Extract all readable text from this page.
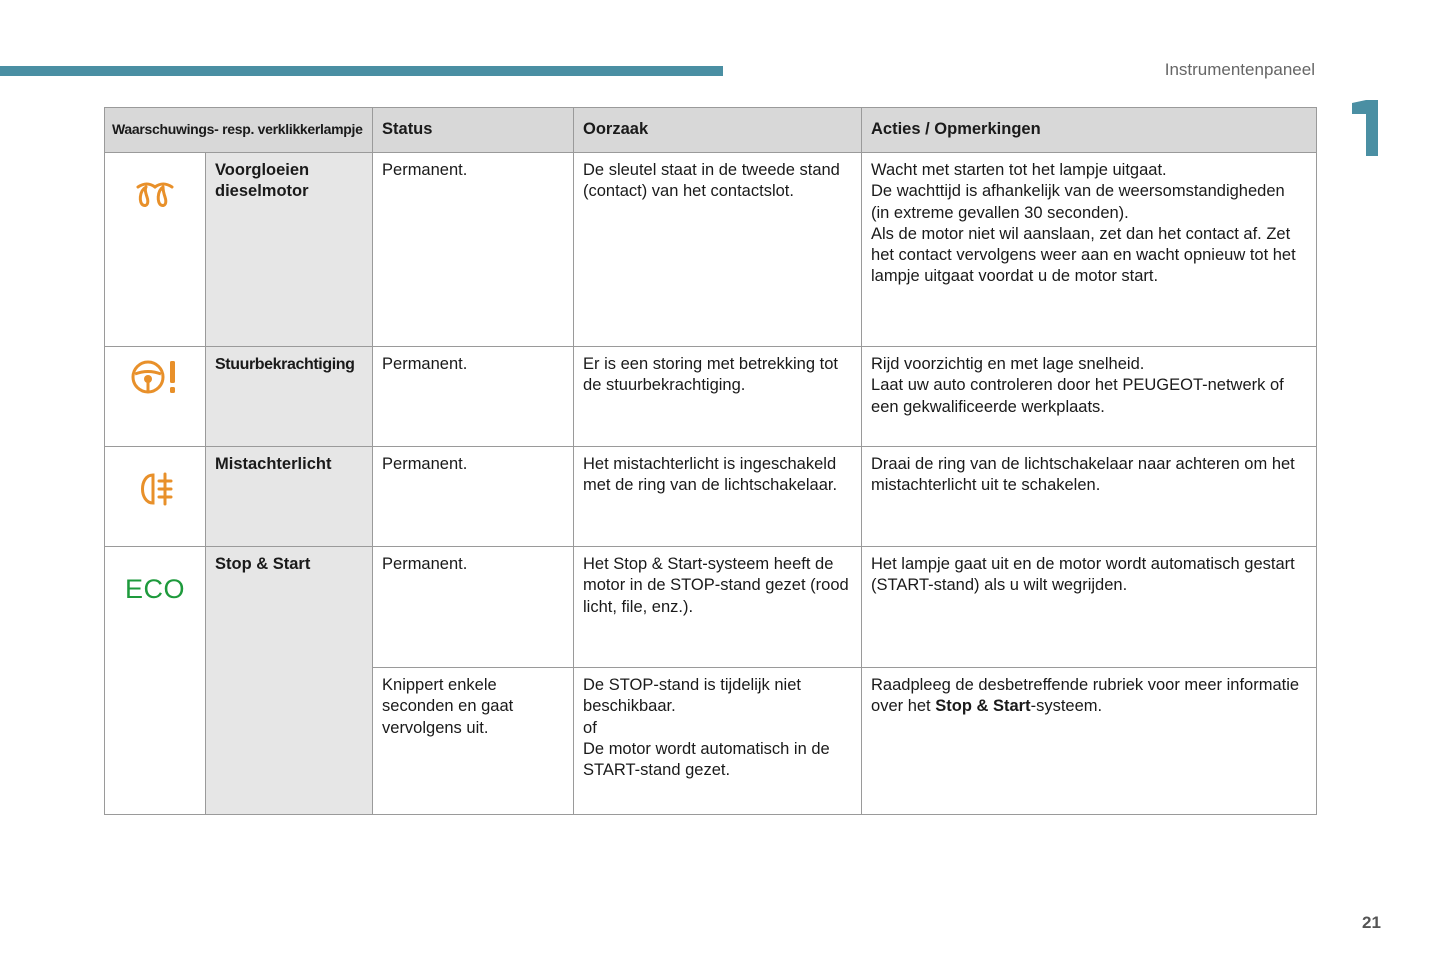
Instrumentenpaneel
Waarschuwings- resp. verklikkerlampje		Status	Oorzaak	Acties / Opmerkingen
	Voorgloeien dieselmotor	Permanent.	De sleutel staat in de tweede stand (contact) van het contactslot.	Wacht met starten tot het lampje uitgaat.
De wachttijd is afhankelijk van de weersomstandigheden (in extreme gevallen 30 seconden).
Als de motor niet wil aanslaan, zet dan het contact af. Zet het contact vervolgens weer aan en wacht opnieuw tot het lampje uitgaat voordat u de motor start.

	Stuurbekrachtiging	Permanent.	Er is een storing met betrekking tot de stuurbekrachtiging.	Rijd voorzichtig en met lage snelheid.
Laat uw auto controleren door het PEUGEOT-netwerk of een gekwalificeerde werkplaats.

	Mistachterlicht	Permanent.	Het mistachterlicht is ingeschakeld met de ring van de lichtschakelaar.	Draai de ring van de lichtschakelaar naar achteren om het mistachterlicht uit te schakelen.

ECO	Stop & Start	Permanent.	Het Stop & Start-systeem heeft de motor in de STOP-stand gezet (rood licht, file, enz.).	Het lampje gaat uit en de motor wordt automatisch gestart (START-stand) als u wilt wegrijden.

		Knippert enkele seconden en gaat vervolgens uit.	De STOP-stand is tijdelijk niet beschikbaar.
of
De motor wordt automatisch in de START-stand gezet.	Raadpleeg de desbetreffende rubriek voor meer informatie over het Stop & Start-systeem.
21
